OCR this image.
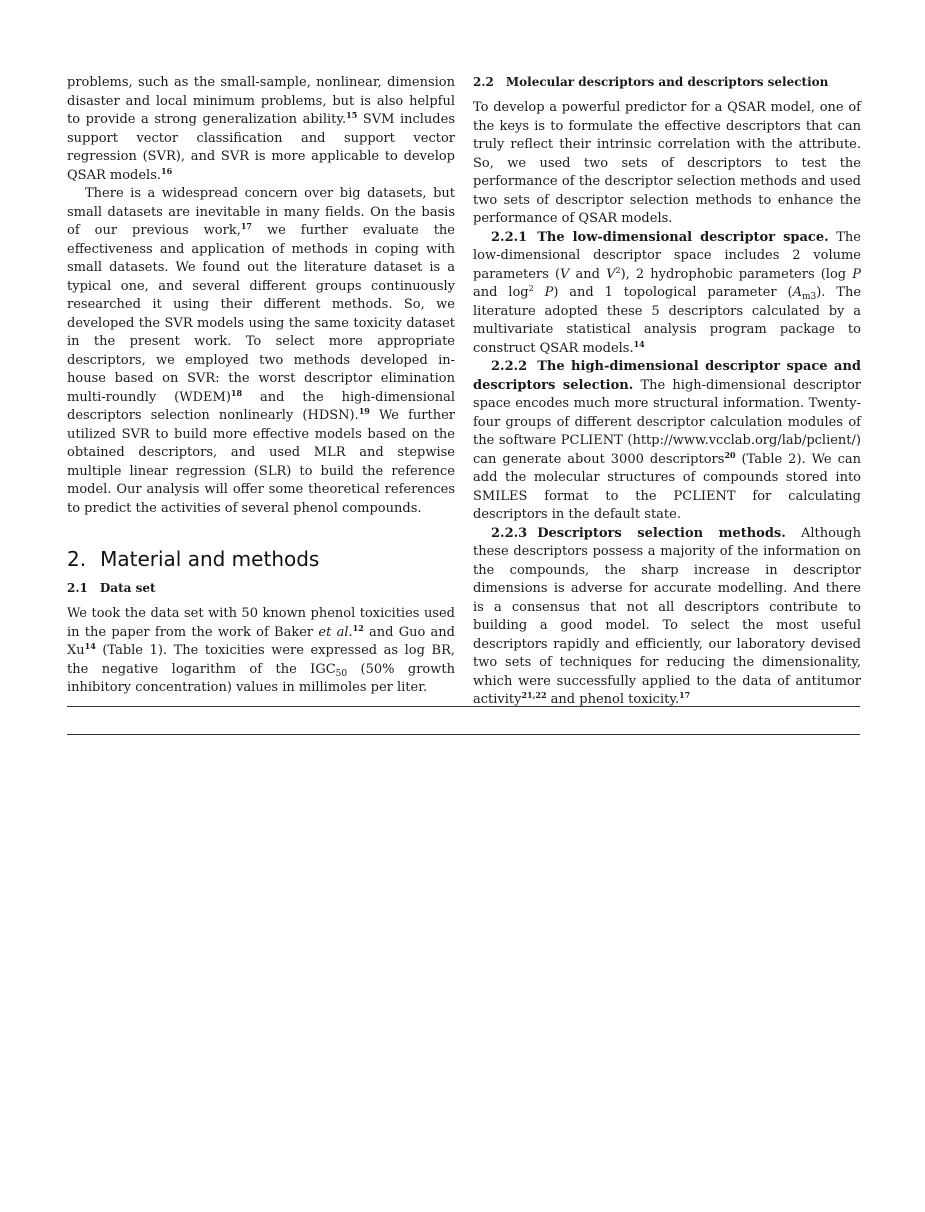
problems, such as the small-sample, nonlinear, dimension disaster and local minimum problems, but is also helpful to provide a strong generalization ability.$^{15}$ SVM includes support vector classification and support vector regression (SVR), and SVR is more applicable to develop QSAR models.$^{16}$

There is a widespread concern over big datasets, but small datasets are inevitable in many fields. On the basis of our previous work,$^{17}$ we further evaluate the effectiveness and application of methods in coping with small datasets. We found out the literature dataset is a typical one, and several different groups continuously researched it using their different methods. So, we developed the SVR models using the same toxicity dataset in the present work. To select more appropriate descriptors, we employed two methods developed in-house based on SVR: the worst descriptor elimination multi-roundly (WDEM)$^{18}$ and the high-dimensional descriptors selection nonlinearly (HDSN).$^{19}$ We further utilized SVR to build more effective models based on the obtained descriptors, and used MLR and stepwise multiple linear regression (SLR) to build the reference model. Our analysis will offer some theoretical references to predict the activities of several phenol compounds.

2. Material and methods
2.1 Data set

We took the data set with 50 known phenol toxicities used in the paper from the work of Baker et al.$^{12}$ and Guo and Xu$^{14}$ (Table 1). The toxicities were expressed as log BR, the negative logarithm of the $IGC_{50}$ (50% growth inhibitory concentration) values in millimoles per liter.

2.2 Molecular descriptors and descriptors selection

To develop a powerful predictor for a QSAR model, one of the keys is to formulate the effective descriptors that can truly reflect their intrinsic correlation with the attribute. So, we used two sets of descriptors to test the performance of the descriptor selection methods and used two sets of descriptor selection methods to enhance the performance of QSAR models.

2.2.1 The low-dimensional descriptor space. The low-dimensional descriptor space includes 2 volume parameters (V and $V^2$), 2 hydrophobic parameters (log P and $\log^2 P$) and 1 topological parameter $(A_{m3})$. The literature adopted these 5 descriptors calculated by a multivariate statistical analysis program package to construct QSAR models.$^{14}$

2.2.2 The high-dimensional descriptor space and descriptors selection. The high-dimensional descriptor space encodes much more structural information. Twenty-four groups of different descriptor calculation modules of the software PCLIENT (http://www.vcclab.org/lab/pclient/) can generate about 3000 descriptors$^{20}$ (Table 2). We can add the molecular structures of compounds stored into SMILES format to the PCLIENT for calculating descriptors in the default state.

2.2.3 Descriptors selection methods. Although these descriptors possess a majority of the information on the compounds, the sharp increase in descriptor dimensions is adverse for accurate modelling. And there is a consensus that not all descriptors contribute to building a good model. To select the most useful descriptors rapidly and efficiently, our laboratory devised two sets of techniques for reducing the dimensionality, which were successfully applied to the data of antitumor activity$^{21,22}$ and phenol toxicity.$^{17}$
